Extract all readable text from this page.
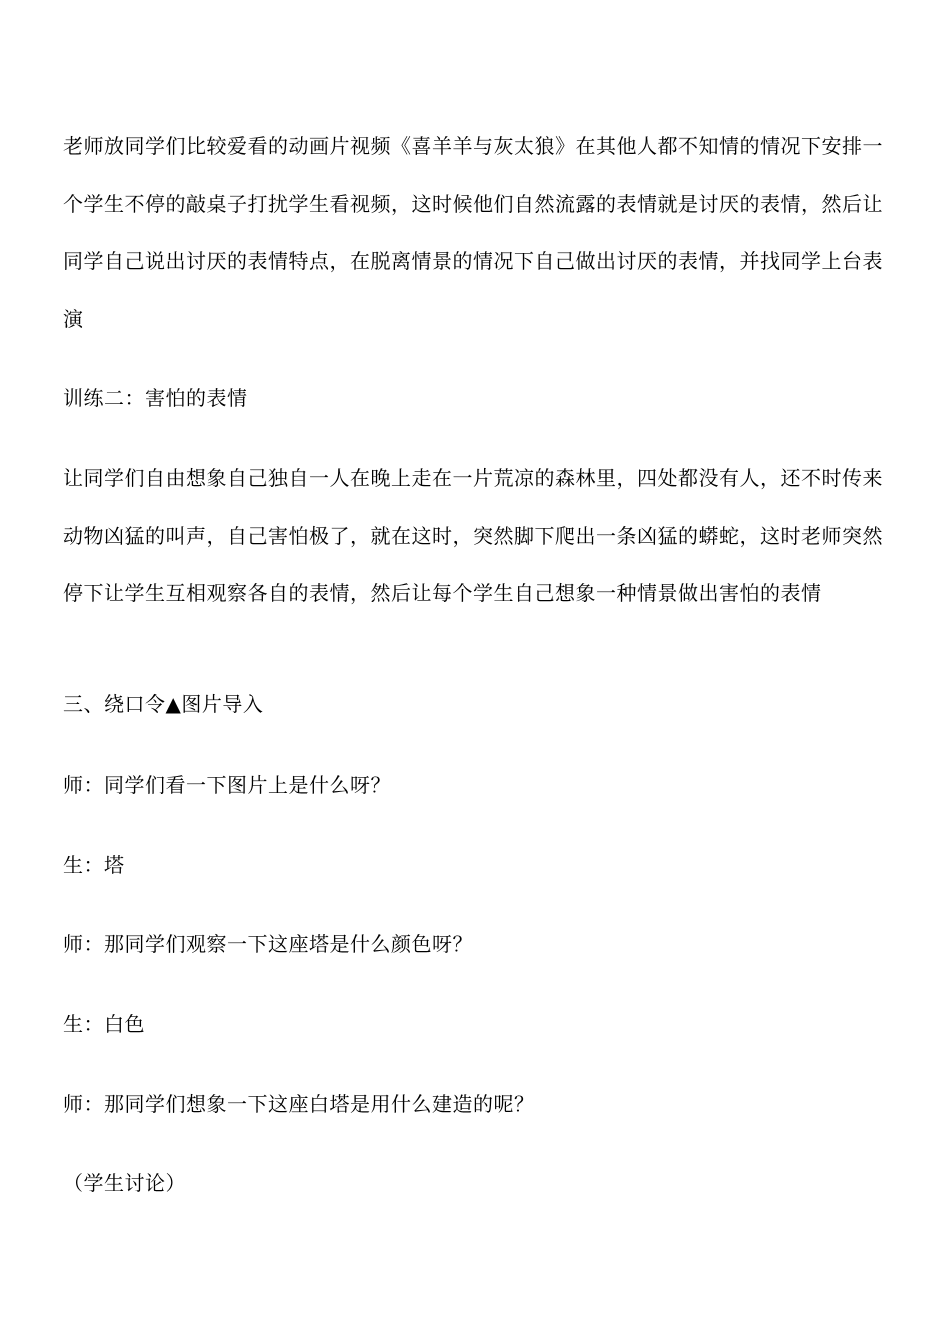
老师放同学们比较爱看的动画片视频《喜羊羊与灰太狼》在其他人都不知情的情况下安排一个学生不停的敲桌子打扰学生看视频，这时候他们自然流露的表情就是讨厌的表情，然后让同学自己说出讨厌的表情特点，在脱离情景的情况下自己做出讨厌的表情，并找同学上台表演

训练二：害怕的表情

让同学们自由想象自己独自一人在晚上走在一片荒凉的森林里，四处都没有人，还不时传来动物凶猛的叫声，自己害怕极了，就在这时，突然脚下爬出一条凶猛的蟒蛇，这时老师突然停下让学生互相观察各自的表情，然后让每个学生自己想象一种情景做出害怕的表情

三、绕口令▲图片导入

师：同学们看一下图片上是什么呀？

生：塔

师：那同学们观察一下这座塔是什么颜色呀？

生：白色

师：那同学们想象一下这座白塔是用什么建造的呢？

（学生讨论）
